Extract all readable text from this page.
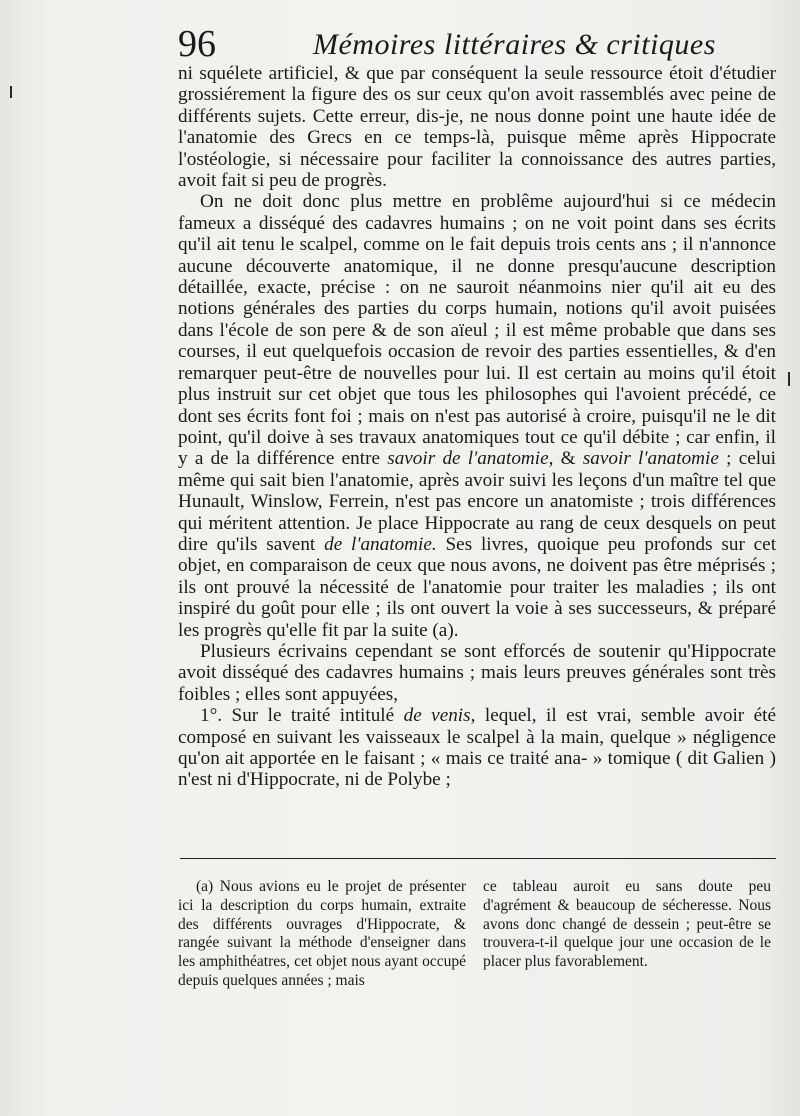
96	Mémoires littéraires & critiques

ni squélete artificiel, & que par conséquent la seule ressource étoit d'étudier grossiérement la figure des os sur ceux qu'on avoit rassemblés avec peine de différents sujets. Cette erreur, dis-je, ne nous donne point une haute idée de l'anatomie des Grecs en ce temps-là, puisque même après Hippocrate l'ostéologie, si nécessaire pour faciliter la connoissance des autres parties, avoit fait si peu de progrès.

On ne doit donc plus mettre en problême aujourd'hui si ce médecin fameux a disséqué des cadavres humains ; on ne voit point dans ses écrits qu'il ait tenu le scalpel, comme on le fait depuis trois cents ans ; il n'annonce aucune découverte anatomique, il ne donne presqu'aucune description détaillée, exacte, précise : on ne sauroit néanmoins nier qu'il ait eu des notions générales des parties du corps humain, notions qu'il avoit puisées dans l'école de son pere & de son aïeul ; il est même probable que dans ses courses, il eut quelquefois occasion de revoir des parties essentielles, & d'en remarquer peut-être de nouvelles pour lui. Il est certain au moins qu'il étoit plus instruit sur cet objet que tous les philosophes qui l'avoient précédé, ce dont ses écrits font foi ; mais on n'est pas autorisé à croire, puisqu'il ne le dit point, qu'il doive à ses travaux anatomiques tout ce qu'il débite ; car enfin, il y a de la différence entre savoir de l'anatomie, & savoir l'anatomie ; celui même qui sait bien l'anatomie, après avoir suivi les leçons d'un maître tel que Hunault, Winslow, Ferrein, n'est pas encore un anatomiste ; trois différences qui méritent attention. Je place Hippocrate au rang de ceux desquels on peut dire qu'ils savent de l'anatomie. Ses livres, quoique peu profonds sur cet objet, en comparaison de ceux que nous avons, ne doivent pas être méprisés ; ils ont prouvé la nécessité de l'anatomie pour traiter les maladies ; ils ont inspiré du goût pour elle ; ils ont ouvert la voie à ses successeurs, & préparé les progrès qu'elle fit par la suite (a).

Plusieurs écrivains cependant se sont efforcés de soutenir qu'Hippocrate avoit disséqué des cadavres humains ; mais leurs preuves générales sont très foibles ; elles sont appuyées,

1°. Sur le traité intitulé de venis, lequel, il est vrai, semble avoir été composé en suivant les vaisseaux le scalpel à la main, quelque » négligence qu'on ait apportée en le faisant ; « mais ce traité ana- » tomique ( dit Galien ) n'est ni d'Hippocrate, ni de Polybe ;

(a) Nous avions eu le projet de présenter ici la description du corps humain, extraite des différents ouvrages d'Hippocrate, & rangée suivant la méthode d'enseigner dans les amphithéatres, cet objet nous ayant occupé depuis quelques années ; mais

ce tableau auroit eu sans doute peu d'agrément & beaucoup de sécheresse. Nous avons donc changé de dessein ; peut-être se trouvera-t-il quelque jour une occasion de le placer plus favorablement.
